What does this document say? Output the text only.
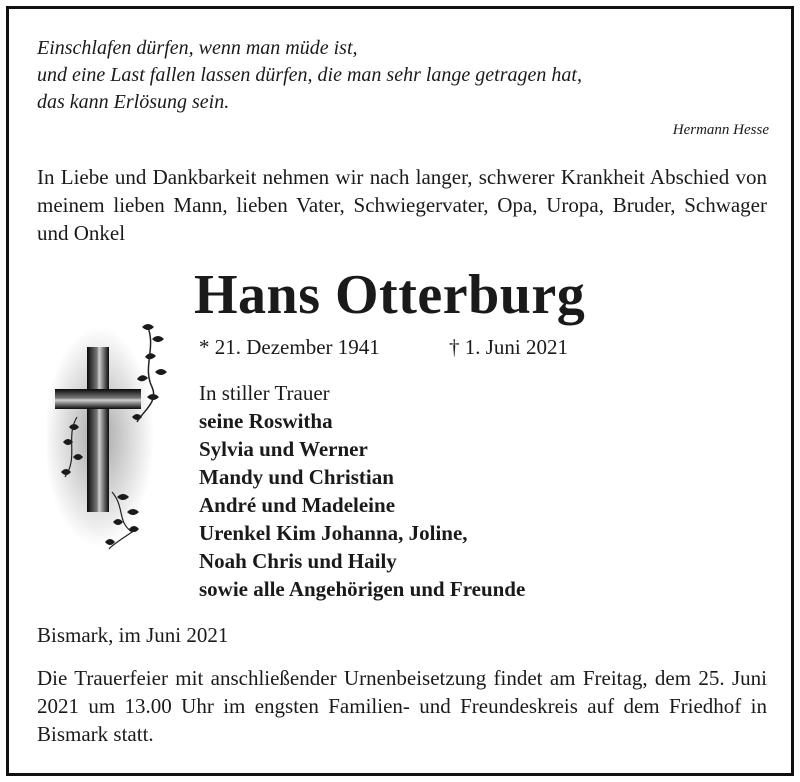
Einschlafen dürfen, wenn man müde ist,
und eine Last fallen lassen dürfen, die man sehr lange getragen hat,
das kann Erlösung sein.
Hermann Hesse
In Liebe und Dankbarkeit nehmen wir nach langer, schwerer Krankheit Abschied von meinem lieben Mann, lieben Vater, Schwiegervater, Opa, Uropa, Bruder, Schwager und Onkel
Hans Otterburg
* 21. Dezember 1941	† 1. Juni 2021
In stiller Trauer
seine Roswitha
Sylvia und Werner
Mandy und Christian
André und Madeleine
Urenkel Kim Johanna, Joline,
Noah Chris und Haily
sowie alle Angehörigen und Freunde
Bismark, im Juni 2021
Die Trauerfeier mit anschließender Urnenbeisetzung findet am Freitag, dem 25. Juni 2021 um 13.00 Uhr im engsten Familien- und Freundeskreis auf dem Friedhof in Bismark statt.
